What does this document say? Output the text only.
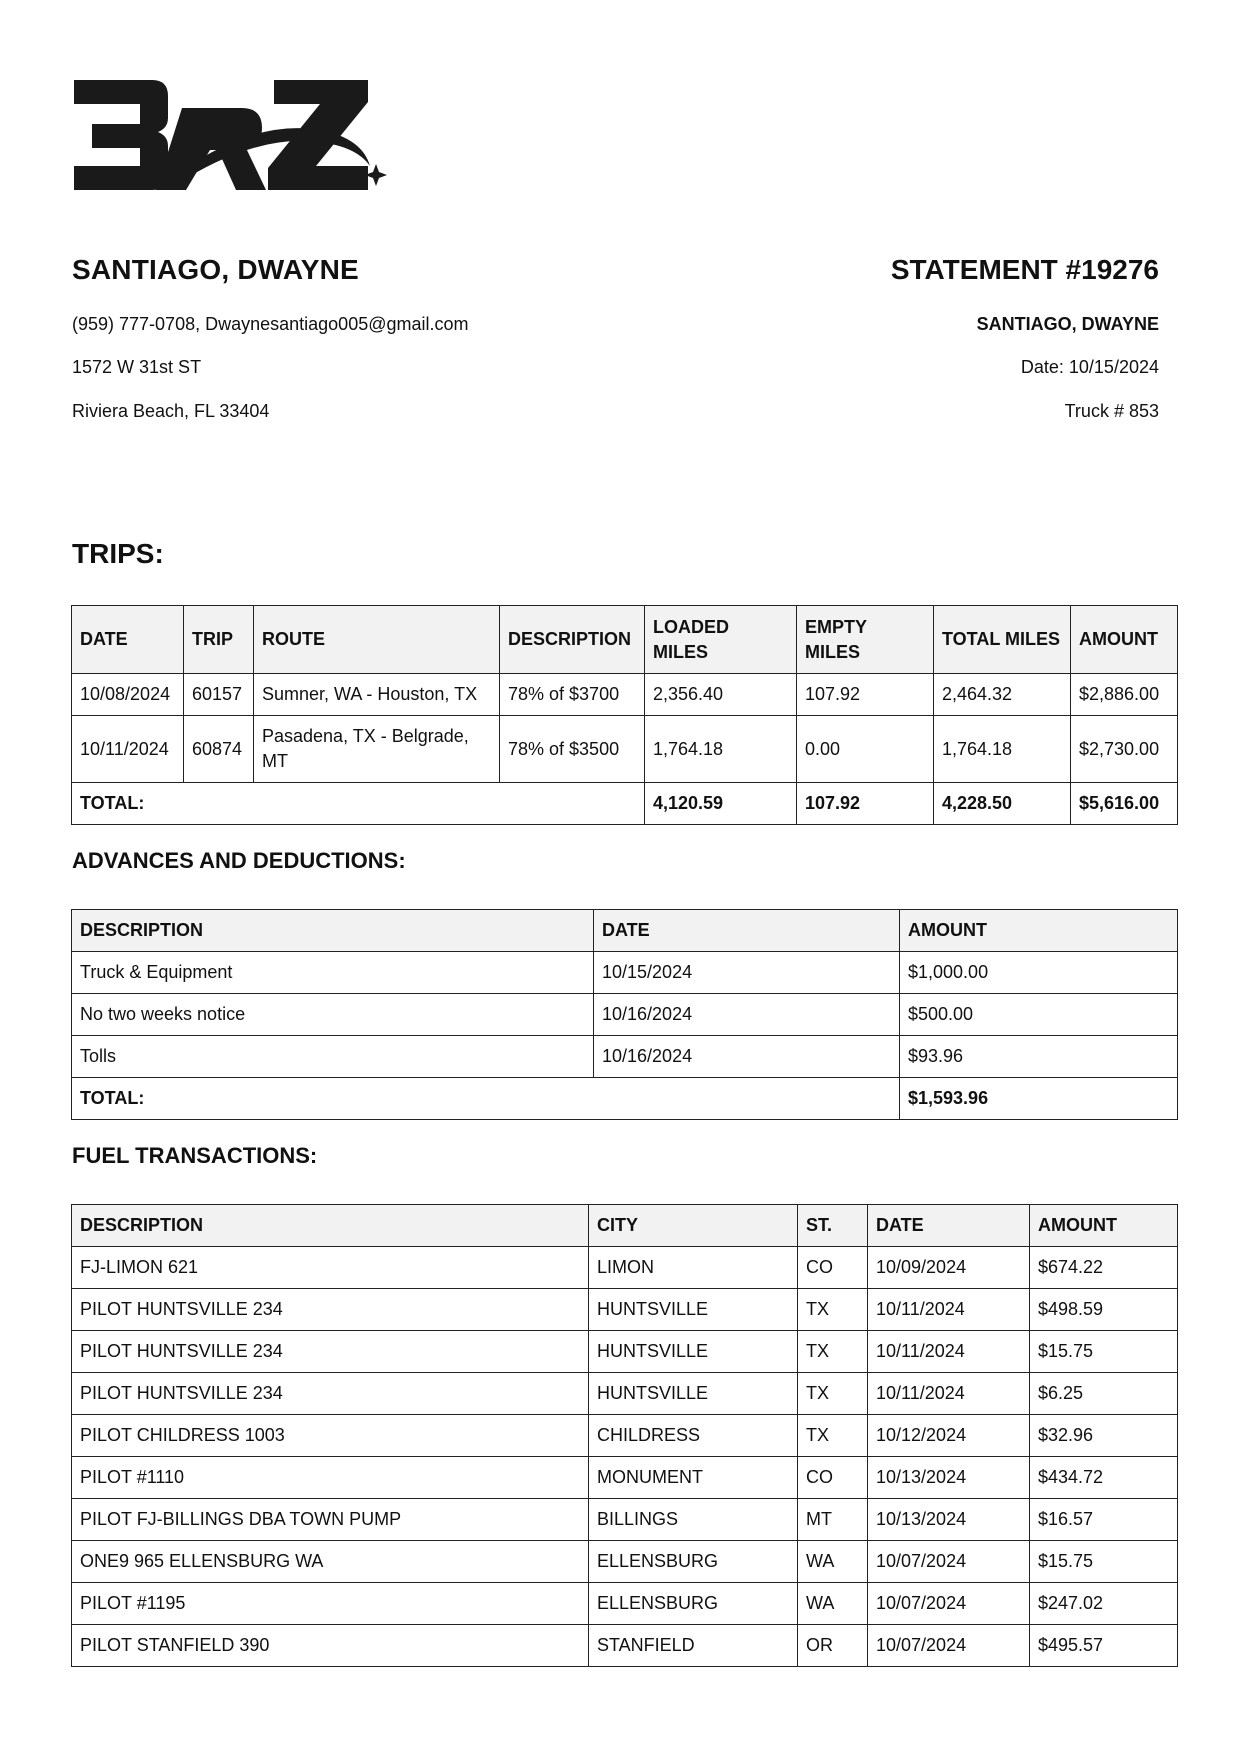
SANTIAGO, DWAYNE
(959) 777-0708, Dwaynesantiago005@gmail.com
1572 W 31st ST
Riviera Beach, FL 33404
STATEMENT #19276
SANTIAGO, DWAYNE
Date: 10/15/2024
Truck # 853
TRIPS:
DATE	TRIP	ROUTE	DESCRIPTION	LOADED MILES	EMPTY MILES	TOTAL MILES	AMOUNT
10/08/2024	60157	Sumner, WA - Houston, TX	78% of $3700	2,356.40	107.92	2,464.32	$2,886.00
10/11/2024	60874	Pasadena, TX - Belgrade, MT	78% of $3500	1,764.18	0.00	1,764.18	$2,730.00
TOTAL:				4,120.59	107.92	4,228.50	$5,616.00
ADVANCES AND DEDUCTIONS:
DESCRIPTION	DATE	AMOUNT
Truck & Equipment	10/15/2024	$1,000.00
No two weeks notice	10/16/2024	$500.00
Tolls	10/16/2024	$93.96
TOTAL:		$1,593.96
FUEL TRANSACTIONS:
DESCRIPTION	CITY	ST.	DATE	AMOUNT
FJ-LIMON 621	LIMON	CO	10/09/2024	$674.22
PILOT HUNTSVILLE 234	HUNTSVILLE	TX	10/11/2024	$498.59
PILOT HUNTSVILLE 234	HUNTSVILLE	TX	10/11/2024	$15.75
PILOT HUNTSVILLE 234	HUNTSVILLE	TX	10/11/2024	$6.25
PILOT CHILDRESS 1003	CHILDRESS	TX	10/12/2024	$32.96
PILOT #1110	MONUMENT	CO	10/13/2024	$434.72
PILOT FJ-BILLINGS DBA TOWN PUMP	BILLINGS	MT	10/13/2024	$16.57
ONE9 965 ELLENSBURG WA	ELLENSBURG	WA	10/07/2024	$15.75
PILOT #1195	ELLENSBURG	WA	10/07/2024	$247.02
PILOT STANFIELD 390	STANFIELD	OR	10/07/2024	$495.57
